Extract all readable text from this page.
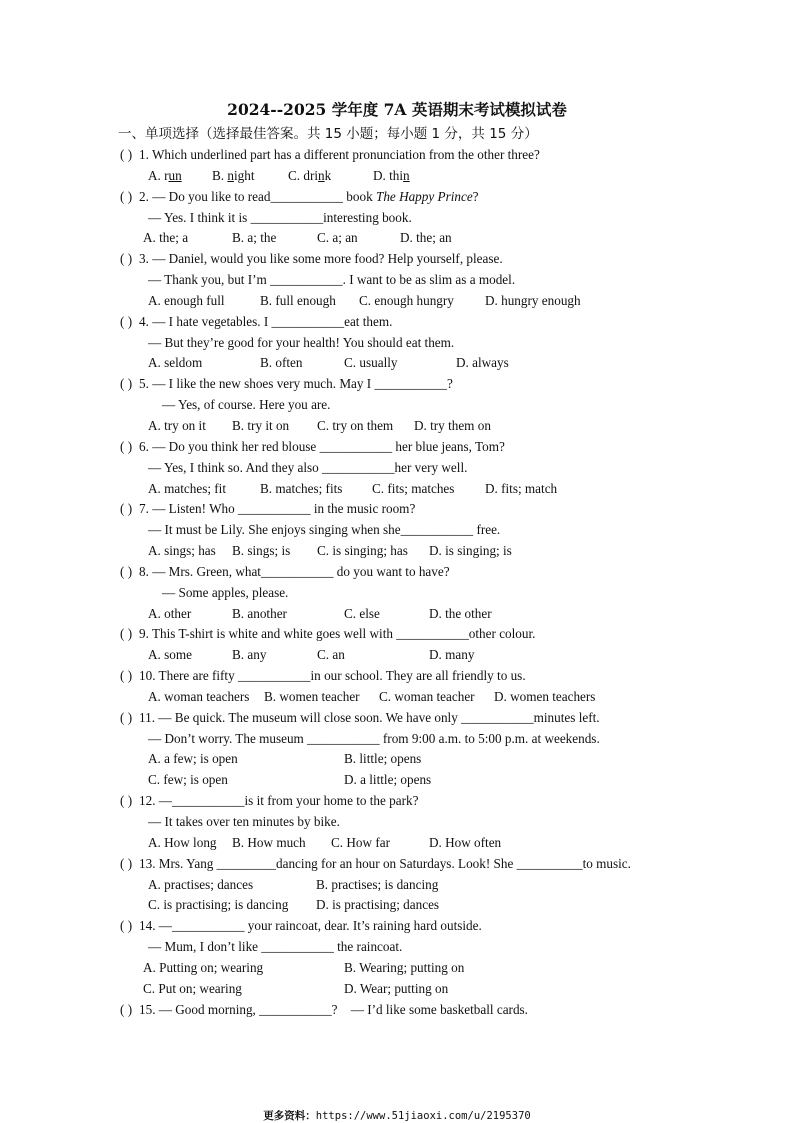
2024--2025 学年度 7A 英语期末考试模拟试卷
一、单项选择（选择最佳答案。共 15 小题；每小题 1 分，共 15 分）
( ) 1. Which underlined part has a different pronunciation from the other three?
A. run B. night	C. drink	D. thin
( ) 2. — Do you like to read___________ book The Happy Prince?
— Yes. I think it is ___________interesting book.
A. the; a	B. a; the	C. a; an	D. the; an
( ) 3. — Daniel, would you like some more food? Help yourself, please.
— Thank you, but I’m ___________. I want to be as slim as a model.
A. enough full	B. full enough C. enough hungry D. hungry enough
( ) 4. — I hate vegetables. I ___________eat them.
— But they’re good for your health! You should eat them.
A. seldom	B. often	C. usually	D. always
( ) 5. — I like the new shoes very much. May I ___________?
— Yes, of course. Here you are.
A. try on it B. try it on C. try on them D. try them on
( ) 6. — Do you think her red blouse ___________ her blue jeans, Tom?
— Yes, I think so. And they also ___________her very well.
A. matches; fit	B. matches; fits C. fits; matches D. fits; match
( ) 7. — Listen! Who ___________ in the music room?
— It must be Lily. She enjoys singing when she___________ free.
A. sings; has B. sings; is C. is singing; has D. is singing; is
( ) 8. — Mrs. Green, what___________ do you want to have?
— Some apples, please.
A. other	B. another	C. else	D. the other
( ) 9. This T-shirt is white and white goes well with ___________other colour.
A. some	B. any	C. an	D. many
( ) 10. There are fifty ___________in our school. They are all friendly to us.
A. woman teachers B. women teacher C. woman teacher D. women teachers
( ) 11. — Be quick. The museum will close soon. We have only ___________minutes left.
— Don’t worry. The museum ___________ from 9:00 a.m. to 5:00 p.m. at weekends.
A. a few; is open	B. little; opens
C. few; is open	D. a little; opens
( ) 12. —___________is it from your home to the park?
— It takes over ten minutes by bike.
A. How long B. How much C. How far	D. How often
( ) 13. Mrs. Yang _________dancing for an hour on Saturdays. Look! She __________to music.
A. practises; dances	B. practises; is dancing
C. is practising; is dancing D. is practising; dances
( ) 14. —___________ your raincoat, dear. It’s raining hard outside.
— Mum, I don’t like ___________ the raincoat.
A. Putting on; wearing	B. Wearing; putting on
C. Put on; wearing	D. Wear; putting on
( ) 15. — Good morning, ___________?    — I’d like some basketball cards.
更多资料：https://www.51jiaoxi.com/u/2195370
